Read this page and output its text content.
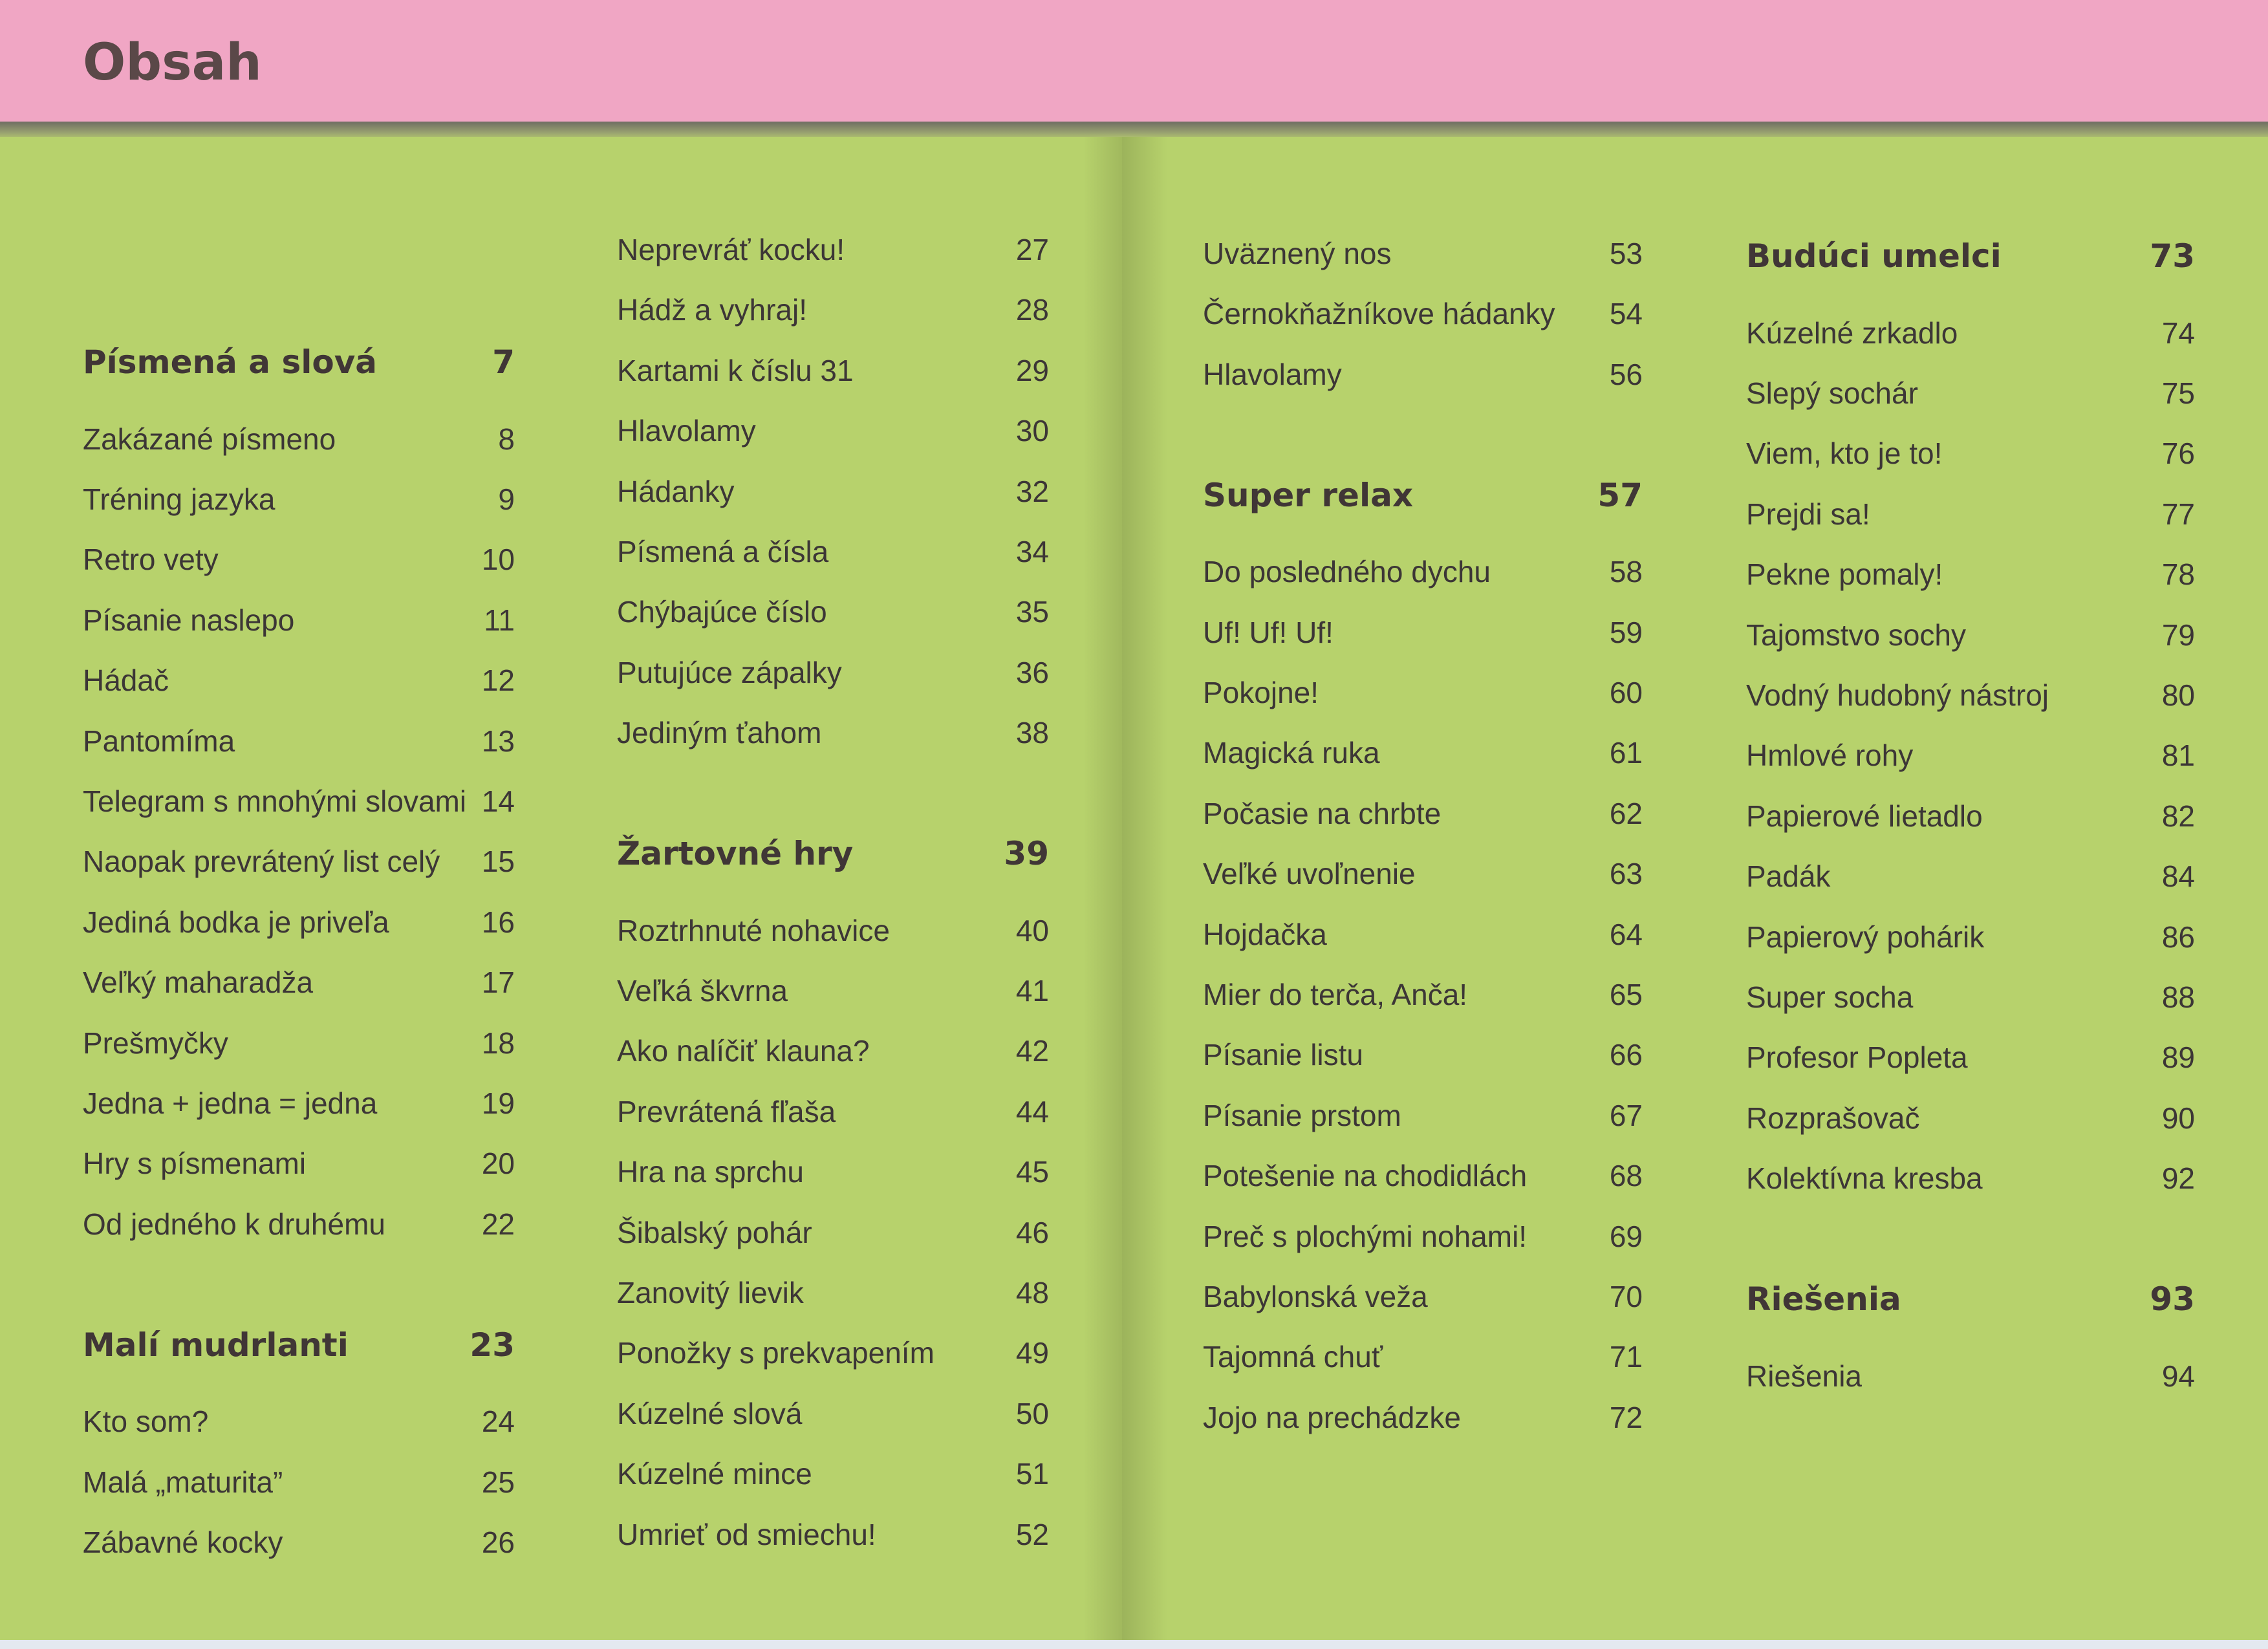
Obsah
Písmená a slová	7
Zakázané písmeno	8
Tréning jazyka	9
Retro vety	10
Písanie naslepo	11
Hádač	12
Pantomíma	13
Telegram s mnohými slovami 14
Naopak prevrátený list celý 15
Jediná bodka je priveľa	16
Veľký maharadža	17
Prešmyčky	18
Jedna + jedna = jedna	19
Hry s písmenami	20
Od jedného k druhému	22
Malí mudrlanti	23
Kto som?	24
Malá „maturita”	25
Zábavné kocky	26
Neprevráť kocku!	27
Hádž a vyhraj!	28
Kartami k číslu 31	29
Hlavolamy	30
Hádanky	32
Písmená a čísla	34
Chýbajúce číslo	35
Putujúce zápalky	36
Jediným ťahom	38
Žartovné hry	39
Roztrhnuté nohavice	40
Veľká škvrna	41
Ako nalíčiť klauna?	42
Prevrátená fľaša	44
Hra na sprchu	45
Šibalský pohár	46
Zanovitý lievik	48
Ponožky s prekvapením	49
Kúzelné slová	50
Kúzelné mince	51
Umrieť od smiechu!	52
Uväznený nos	53
Černokňažníkove hádanky 54
Hlavolamy	56
Super relax	57
Do posledného dychu	58
Uf! Uf! Uf!	59
Pokojne!	60
Magická ruka	61
Počasie na chrbte	62
Veľké uvoľnenie	63
Hojdačka	64
Mier do terča, Anča!	65
Písanie listu	66
Písanie prstom	67
Potešenie na chodidlách	68
Preč s plochými nohami!	69
Babylonská veža	70
Tajomná chuť	71
Jojo na prechádzke	72
Budúci umelci	73
Kúzelné zrkadlo	74
Slepý sochár	75
Viem, kto je to!	76
Prejdi sa!	77
Pekne pomaly!	78
Tajomstvo sochy	79
Vodný hudobný nástroj	80
Hmlové rohy	81
Papierové lietadlo	82
Padák	84
Papierový pohárik	86
Super socha	88
Profesor Popleta	89
Rozprašovač	90
Kolektívna kresba	92
Riešenia	93
Riešenia	94
